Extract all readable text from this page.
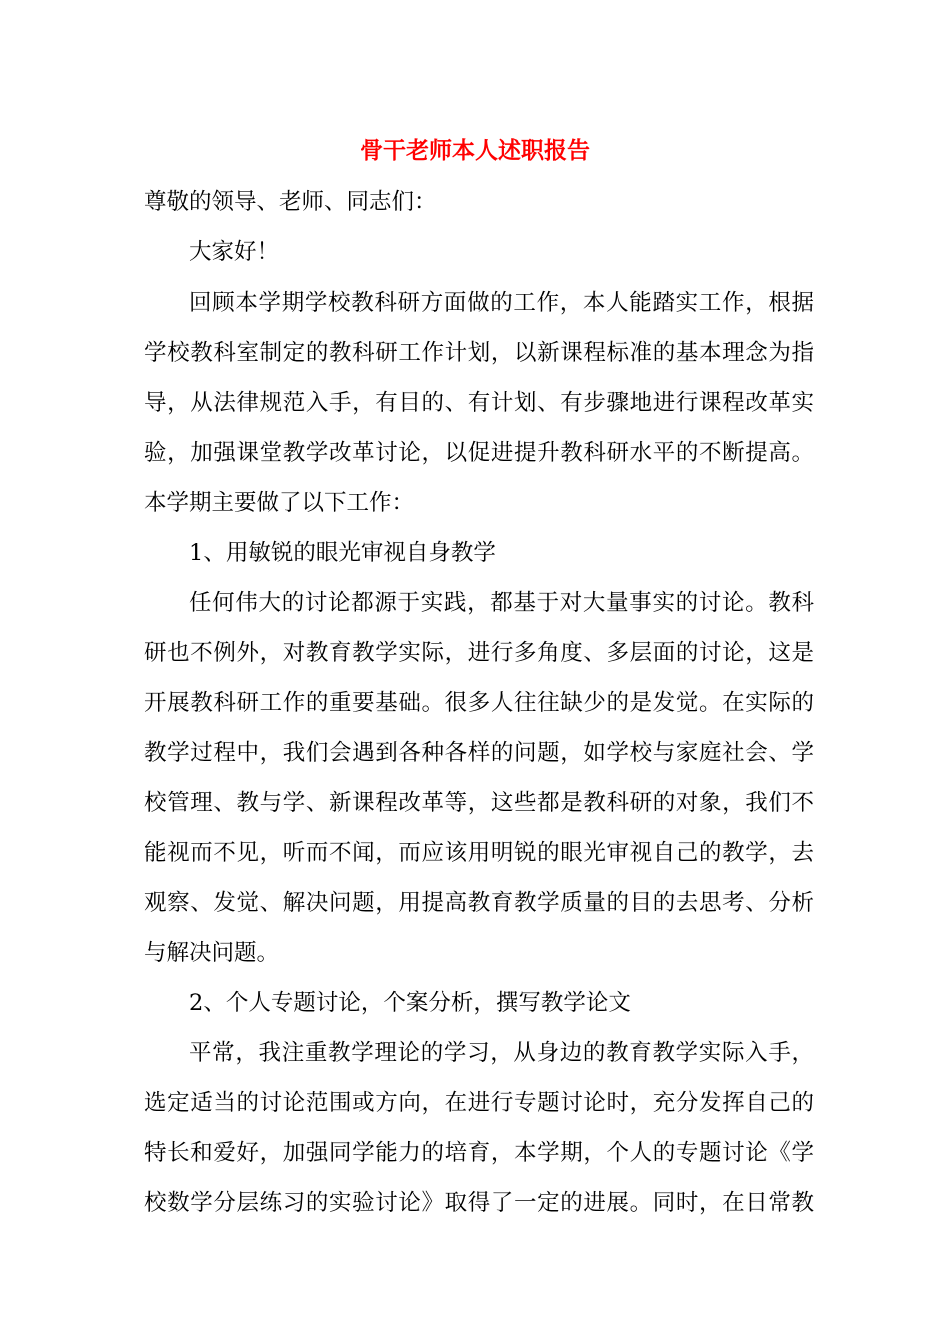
骨干老师本人述职报告
尊敬的领导、老师、同志们：
大家好！
回顾本学期学校教科研方面做的工作，本人能踏实工作，根据
学校教科室制定的教科研工作计划，以新课程标准的基本理念为指
导，从法律规范入手，有目的、有计划、有步骤地进行课程改革实
验，加强课堂教学改革讨论，以促进提升教科研水平的不断提高。
本学期主要做了以下工作：
1、用敏锐的眼光审视自身教学
任何伟大的讨论都源于实践，都基于对大量事实的讨论。教科
研也不例外，对教育教学实际，进行多角度、多层面的讨论，这是
开展教科研工作的重要基础。很多人往往缺少的是发觉。在实际的
教学过程中，我们会遇到各种各样的问题，如学校与家庭社会、学
校管理、教与学、新课程改革等，这些都是教科研的对象，我们不
能视而不见，听而不闻，而应该用明锐的眼光审视自己的教学，去
观察、发觉、解决问题，用提高教育教学质量的目的去思考、分析
与解决问题。
2、个人专题讨论，个案分析，撰写教学论文
平常，我注重教学理论的学习，从身边的教育教学实际入手，
选定适当的讨论范围或方向，在进行专题讨论时，充分发挥自己的
特长和爱好，加强同学能力的培育，本学期，个人的专题讨论《学
校数学分层练习的实验讨论》取得了一定的进展。同时，在日常教
